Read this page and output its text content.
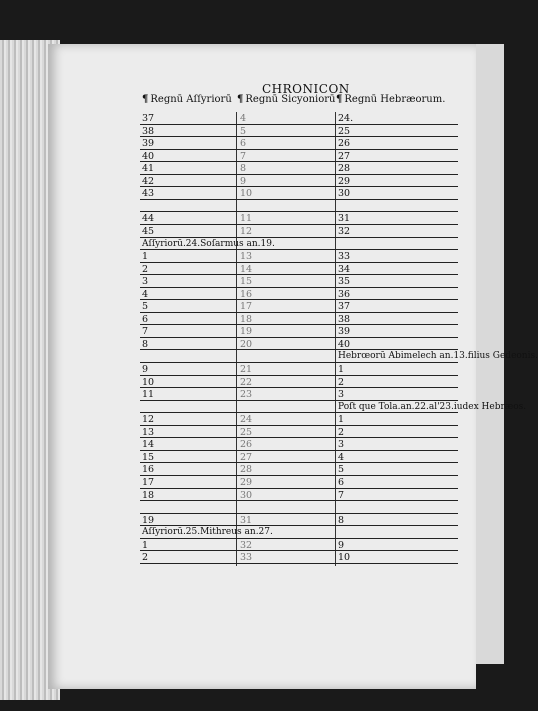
CHRONICON
¶ Regnū Aſſyriorū ¶ Regnū Sicyoniorū ¶ Regnū Hebræorum.
37	4	24.
38	5	25
39	6	26
40	7	27
41	8	28
42	9	29
43	10	30
44	11	31
45	12	32
Aſſyriorū.24.Soſarmus an.19.
1	13	33
2	14	34
3	15	35
4	16	36
5	17	37
6	18	38
7	19	39
8	20	40
Hebrœorū Abimelech an.13.filius Gedeonis.
9	21	1
10	22	2
11	23	3
Poſt que Tola.an.22.al'23.iudex Hebræos.
12	24	1
13	25	2
14	26	3
15	27	4
16	28	5
17	29	6
18	30	7
19	31	8
Aſſyriorū.25.Mithreus an.27.
1	32	9
2	33	10
